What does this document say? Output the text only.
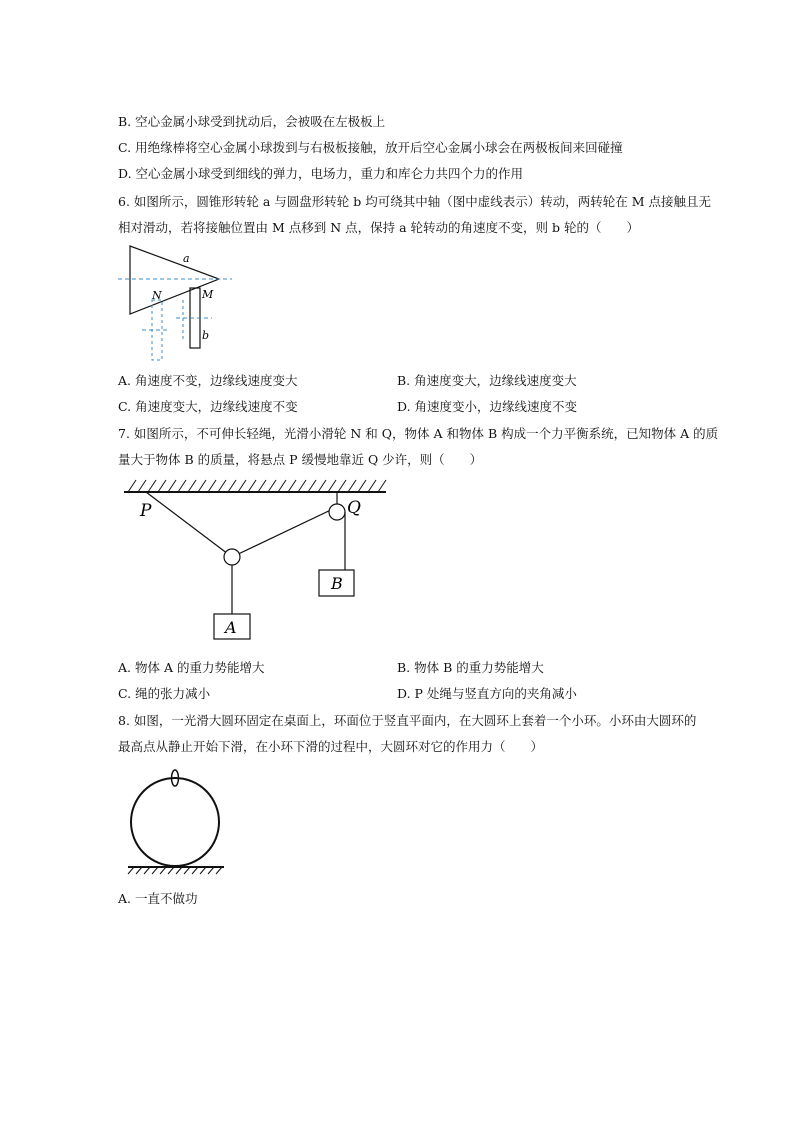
B. 空心金属小球受到扰动后，会被吸在左极板上
C. 用绝缘棒将空心金属小球拨到与右极板接触，放开后空心金属小球会在两极板间来回碰撞
D. 空心金属小球受到细线的弹力，电场力，重力和库仑力共四个力的作用
6. 如图所示，圆锥形转轮 a 与圆盘形转轮 b 均可绕其中轴（图中虚线表示）转动，两转轮在 M 点接触且无
相对滑动，若将接触位置由 M 点移到 N 点，保持 a 轮转动的角速度不变，则 b 轮的（　　）
a
M
N
b
A. 角速度不变，边缘线速度变大	B. 角速度变大，边缘线速度变大
C. 角速度变大，边缘线速度不变	D. 角速度变小，边缘线速度不变
7. 如图所示，不可伸长轻绳，光滑小滑轮 N 和 Q，物体 A 和物体 B 构成一个力平衡系统，已知物体 A 的质
量大于物体 B 的质量，将悬点 P 缓慢地靠近 Q 少许，则（　　）
P	Q
A
B
A. 物体 A 的重力势能增大	B. 物体 B 的重力势能增大
C. 绳的张力减小	D. P 处绳与竖直方向的夹角减小
8. 如图，一光滑大圆环固定在桌面上，环面位于竖直平面内，在大圆环上套着一个小环。小环由大圆环的
最高点从静止开始下滑，在小环下滑的过程中，大圆环对它的作用力（　　）
A. 一直不做功
